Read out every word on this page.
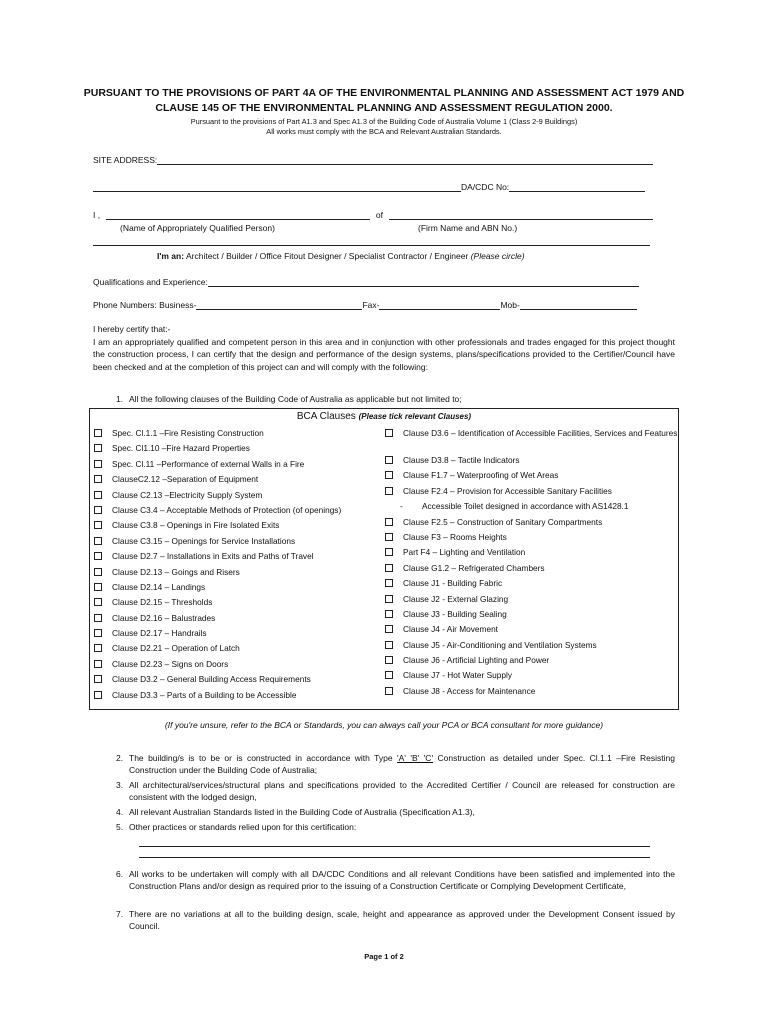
PURSUANT TO THE PROVISIONS OF PART 4A OF THE ENVIRONMENTAL PLANNING AND ASSESSMENT ACT 1979 AND
CLAUSE 145 OF THE ENVIRONMENTAL PLANNING AND ASSESSMENT REGULATION 2000.
Pursuant to the provisions of Part A1.3 and Spec A1.3 of the Building Code of Australia Volume 1 (Class 2-9 Buildings)
All works must comply with the BCA and Relevant Australian Standards.
SITE ADDRESS:
DA/CDC No:
I ,	of
(Name of Appropriately Qualified Person)	(Firm Name and ABN No.)
I'm an: Architect / Builder / Office Fitout Designer / Specialist Contractor / Engineer (Please circle)
Qualifications and Experience:
Phone Numbers: Business-	Fax-	Mob-
I hereby certify that:-
I am an appropriately qualified and competent person in this area and in conjunction with other professionals and trades engaged for this project thought the construction process, I can certify that the design and performance of the design systems, plans/specifications provided to the Certifier/Council have been checked and at the completion of this project can and will comply with the following:
1. All the following clauses of the Building Code of Australia as applicable but not limited to;
BCA Clauses (Please tick relevant Clauses)
Spec. Cl.1.1 –Fire Resisting Construction
Spec. Cl1.10 –Fire Hazard Properties
Spec. Cl.11 –Performance of external Walls in a Fire
ClauseC2.12 –Separation of Equipment
Clause C2.13 –Electricity Supply System
Clause C3.4 – Acceptable Methods of Protection (of openings)
Clause C3.8 – Openings in Fire Isolated Exits
Clause C3.15 – Openings for Service Installations
Clause D2.7 – Installations in Exits and Paths of Travel
Clause D2.13 – Goings and Risers
Clause D2.14 – Landings
Clause D2.15 – Thresholds
Clause D2.16 – Balustrades
Clause D2.17 – Handrails
Clause D2.21 – Operation of Latch
Clause D2.23 – Signs on Doors
Clause D3.2 – General Building Access Requirements
Clause D3.3 – Parts of a Building to be Accessible
Clause D3.6 – Identification of Accessible Facilities, Services and Features
Clause D3.8 – Tactile Indicators
Clause F1.7 – Waterproofing of Wet Areas
Clause F2.4 – Provision for Accessible Sanitary Facilities
- Accessible Toilet designed in accordance with AS1428.1
Clause F2.5 – Construction of Sanitary Compartments
Clause F3 – Rooms Heights
Part F4 – Lighting and Ventilation
Clause G1.2 – Refrigerated Chambers
Clause J1 - Building Fabric
Clause J2 - External Glazing
Clause J3 - Building Sealing
Clause J4 - Air Movement
Clause J5 - Air-Conditioning and Ventilation Systems
Clause J6 - Artificial Lighting and Power
Clause J7 - Hot Water Supply
Clause J8 - Access for Maintenance
(If you're unsure, refer to the BCA or Standards, you can always call your PCA or BCA consultant for more guidance)
2. The building/s is to be or is constructed in accordance with Type 'A' 'B' 'C' Construction as detailed under Spec. Cl.1.1 –Fire Resisting Construction under the Building Code of Australia;
3. All architectural/services/structural plans and specifications provided to the Accredited Certifier / Council are released for construction are consistent with the lodged design,
4. All relevant Australian Standards listed in the Building Code of Australia (Specification A1.3),
5. Other practices or standards relied upon for this certification:
6. All works to be undertaken will comply with all DA/CDC Conditions and all relevant Conditions have been satisfied and implemented into the Construction Plans and/or design as required prior to the issuing of a Construction Certificate or Complying Development Certificate,
7. There are no variations at all to the building design, scale, height and appearance as approved under the Development Consent issued by Council.
Page 1 of 2
